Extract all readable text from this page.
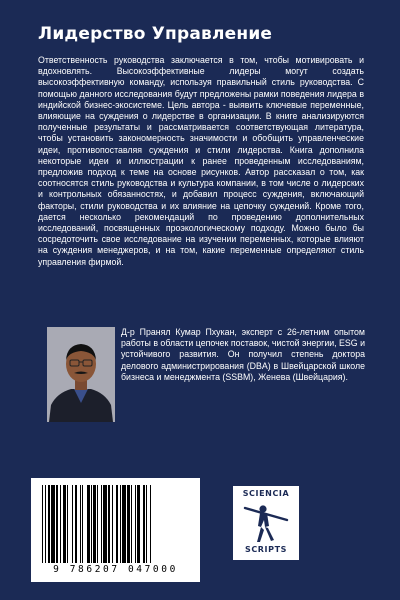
Лидерство Управление

Ответственность руководства заключается в том, чтобы мотивировать и вдохновлять. Высокоэффективные лидеры могут создать высокоэффективную команду, используя правильный стиль руководства. С помощью данного исследования будут предложены рамки поведения лидера в индийской бизнес-экосистеме. Цель автора - выявить ключевые переменные, влияющие на суждения о лидерстве в организации. В книге анализируются полученные результаты и рассматривается соответствующая литература, чтобы установить закономерность значимости и обобщить управленческие идеи, противопоставляя суждения и стили лидерства. Книга дополнила некоторые идеи и иллюстрации к ранее проведенным исследованиям, предложив подход к теме на основе рисунков. Автор рассказал о том, как соотносятся стиль руководства и культура компании, в том числе о лидерских и контрольных обязанностях, и добавил процесс суждения, включающий факторы, стили руководства и их влияние на цепочку суждений. Кроме того, дается несколько рекомендаций по проведению дополнительных исследований, посвященных проэкологическому подходу. Можно было бы сосредоточить свое исследование на изучении переменных, которые влияют на суждения менеджеров, и на том, какие переменные определяют стиль управления фирмой.

Д-р Пранял Кумар Пхукан, эксперт с 26-летним опытом работы в области цепочек поставок, чистой энергии, ESG и устойчивого развития. Он получил степень доктора делового администрирования (DBA) в Швейцарской школе бизнеса и менеджмента (SSBM), Женева (Швейцария).

9 786207 047000
SCIENCIA
SCRIPTS
